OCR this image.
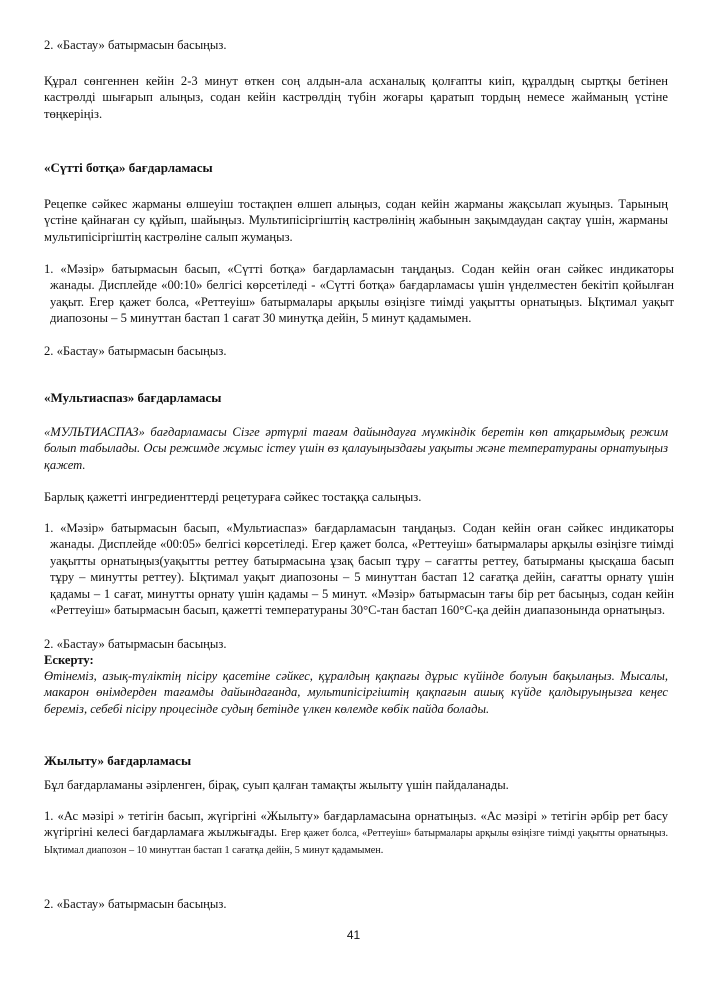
2. «Бастау» батырмасын басыңыз.

Құрал сөнгеннен кейін 2-3 минут өткен соң алдын-ала асханалық қолғапты киіп, құралдың сыртқы бетінен кастрөлді шығарып алыңыз, содан кейін кастрөлдің түбін жоғары қаратып тордың немесе жайманың үстіне төңкеріңіз.

«Сүтті ботқа» бағдарламасы

Рецепке сәйкес жарманы өлшеуіш тостақпен өлшеп алыңыз, содан кейін жарманы жақсылап жуыңыз. Тарының үстіне қайнаған су құйып, шайыңыз. Мультипісіргіштің кастрөлінің жабынын зақымдаудан сақтау үшін, жарманы мультипісіргіштің кастрөліне салып жумаңыз.

1. «Мәзір» батырмасын басып, «Сүтті ботқа» бағдарламасын таңдаңыз. Содан кейін оған сәйкес индикаторы жанады. Дисплейде «00:10» белгісі көрсетіледі - «Сүтті ботқа» бағдарламасы үшін үнделместен бекітіп қойылған уақыт. Егер қажет болса, «Реттеуіш» батырмалары арқылы өзіңізге тиімді уақытты орнатыңыз. Ықтимал уақыт диапозоны – 5 минуттан бастап 1 сағат 30 минутқа дейін, 5 минут қадамымен.

2. «Бастау» батырмасын басыңыз.

«Мультиаспаз» бағдарламасы

«МУЛЬТИАСПАЗ» бағдарламасы Сізге әртүрлі тағам дайындауға мүмкіндік беретін көп атқарымдық режим болып табылады. Осы режимде жұмыс істеу үшін өз қалауыңыздағы уақыты және температураны орнатуыңыз қажет.

Барлық қажетті ингредиенттерді рецетураға сәйкес тостаққа салыңыз.

1. «Мәзір» батырмасын басып, «Мультиаспаз» бағдарламасын таңдаңыз. Содан кейін оған сәйкес индикаторы жанады. Дисплейде «00:05» белгісі көрсетіледі. Егер қажет болса, «Реттеуіш» батырмалары арқылы өзіңізге тиімді уақытты орнатыңыз(уақытты реттеу батырмасына ұзақ басып тұру – сағатты реттеу, батырманы қысқаша басып тұру – минутты реттеу). Ықтимал уақыт диапозоны – 5 минуттан бастап 12 сағатқа дейін, сағатты орнату үшін қадамы – 1 сағат, минутты орнату үшін қадамы – 5 минут. «Мәзір» батырмасын тағы бір рет басыңыз, содан кейін «Реттеуіш» батырмасын басып, қажетті температураны 30°С-тан бастап 160°С-қа дейін диапазонында орнатыңыз.

2. «Бастау» батырмасын басыңыз.

Ескерту:

Өтінеміз, азық-түліктің пісіру қасетіне сәйкес, құралдың қақпағы дұрыс күйінде болуын бақылаңыз. Мысалы, макарон өнімдерден тағамды дайындағанда, мультипісіргіштің қақпағын ашық күйде қалдыруыңызға кеңес береміз, себебі пісіру процесінде судың бетінде үлкен көлемде көбік пайда болады.

Жылыту» бағдарламасы

Бұл бағдарламаны әзірленген, бірақ, суып қалған тамақты жылыту үшін пайдаланады.

1. «Ас мәзірі » тетігін басып, жүгіргіні «Жылыту» бағдарламасына орнатыңыз. «Ас мәзірі » тетігін әрбір рет басу жүгіргіні келесі бағдарламаға жылжығады. Егер қажет болса, «Реттеуіш» батырмалары арқылы өзіңізге тиімді уақытты орнатыңыз. Ықтимал диапозон – 10 минуттан бастап 1 сағатқа дейін, 5 минут қадамымен.

2. «Бастау» батырмасын басыңыз.

41
